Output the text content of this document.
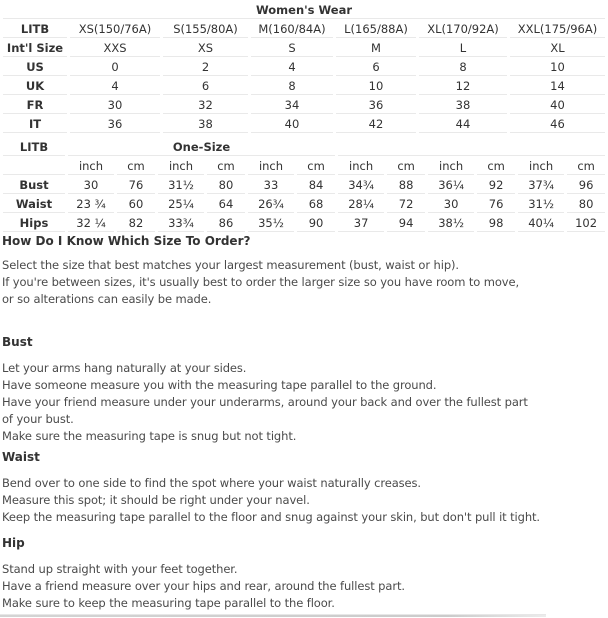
Women's Wear						
LITB	XS(150/76A)	S(155/80A)	M(160/84A)	L(165/88A)	XL(170/92A)	XXL(175/96A)
Int'l Size	XXS	XS	S	M	L	XL
US	0	2	4	6	8	10
UK	4	6	8	10	12	14
FR	30	32	34	36	38	40
IT	36	38	40	42	44	46
LITB	One-Size											
	inch	cm	inch	cm	inch	cm	inch	cm	inch	cm	inch	cm
Bust	30	76	31½	80	33	84	34¾	88	36¼	92	37¾	96
Waist	23 ¾	60	25¼	64	26¾	68	28¼	72	30	76	31½	80
Hips	32 ¼	82	33¾	86	35½	90	37	94	38½	98	40¼	102
How Do I Know Which Size To Order?
Select the size that best matches your largest measurement (bust, waist or hip).
If you're between sizes, it's usually best to order the larger size so you have room to move,
or so alterations can easily be made.
Bust
Let your arms hang naturally at your sides.
Have someone measure you with the measuring tape parallel to the ground.
Have your friend measure under your underarms, around your back and over the fullest part
of your bust.
Make sure the measuring tape is snug but not tight.
Waist
Bend over to one side to find the spot where your waist naturally creases.
Measure this spot; it should be right under your navel.
Keep the measuring tape parallel to the floor and snug against your skin, but don't pull it tight.
Hip
Stand up straight with your feet together.
Have a friend measure over your hips and rear, around the fullest part.
Make sure to keep the measuring tape parallel to the floor.
